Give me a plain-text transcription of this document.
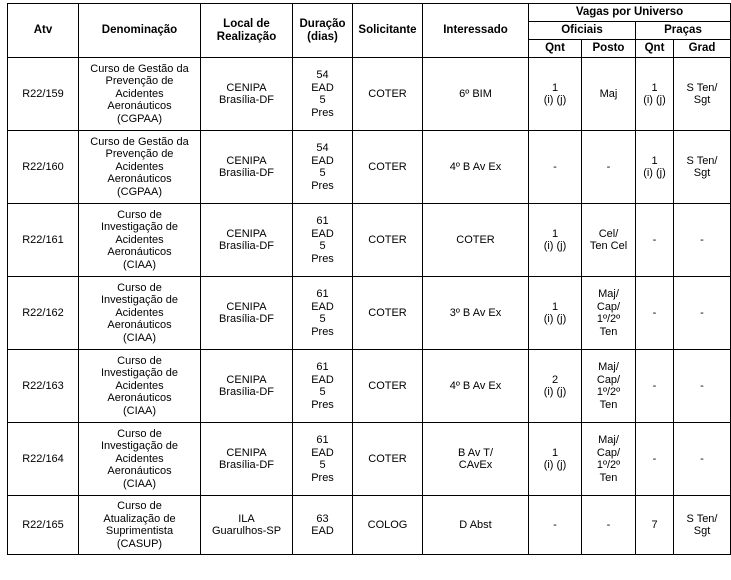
Atv	Denominação	Local de
Realização	Duração
(dias)	Solicitante	Interessado	Vagas por Universo			
						Oficiais		Praças	
						Qnt	Posto	Qnt	Grad
R22/159	Curso de Gestão da
Prevenção de
Acidentes
Aeronáuticos
(CGPAA)	CENIPA
Brasília-DF	54
EAD
5
Pres	COTER	6º BIM	1
(i) (j)	Maj	1
(i) (j)	S Ten/
Sgt
R22/160	Curso de Gestão da
Prevenção de
Acidentes
Aeronáuticos
(CGPAA)	CENIPA
Brasília-DF	54
EAD
5
Pres	COTER	4º B Av Ex	-	-	1
(i) (j)	S Ten/
Sgt
R22/161	Curso de
Investigação de
Acidentes
Aeronáuticos
(CIAA)	CENIPA
Brasília-DF	61
EAD
5
Pres	COTER	COTER	1
(i) (j)	Cel/
Ten Cel	-	-
R22/162	Curso de
Investigação de
Acidentes
Aeronáuticos
(CIAA)	CENIPA
Brasília-DF	61
EAD
5
Pres	COTER	3º B Av Ex	1
(i) (j)	Maj/
Cap/
1º/2º
Ten	-	-
R22/163	Curso de
Investigação de
Acidentes
Aeronáuticos
(CIAA)	CENIPA
Brasília-DF	61
EAD
5
Pres	COTER	4º B Av Ex	2
(i) (j)	Maj/
Cap/
1º/2º
Ten	-	-
R22/164	Curso de
Investigação de
Acidentes
Aeronáuticos
(CIAA)	CENIPA
Brasília-DF	61
EAD
5
Pres	COTER	B Av T/
CAvEx	1
(i) (j)	Maj/
Cap/
1º/2º
Ten	-	-
R22/165	Curso de
Atualização de
Suprimentista
(CASUP)	ILA
Guarulhos-SP	63
EAD	COLOG	D Abst	-	-	7	S Ten/
Sgt
